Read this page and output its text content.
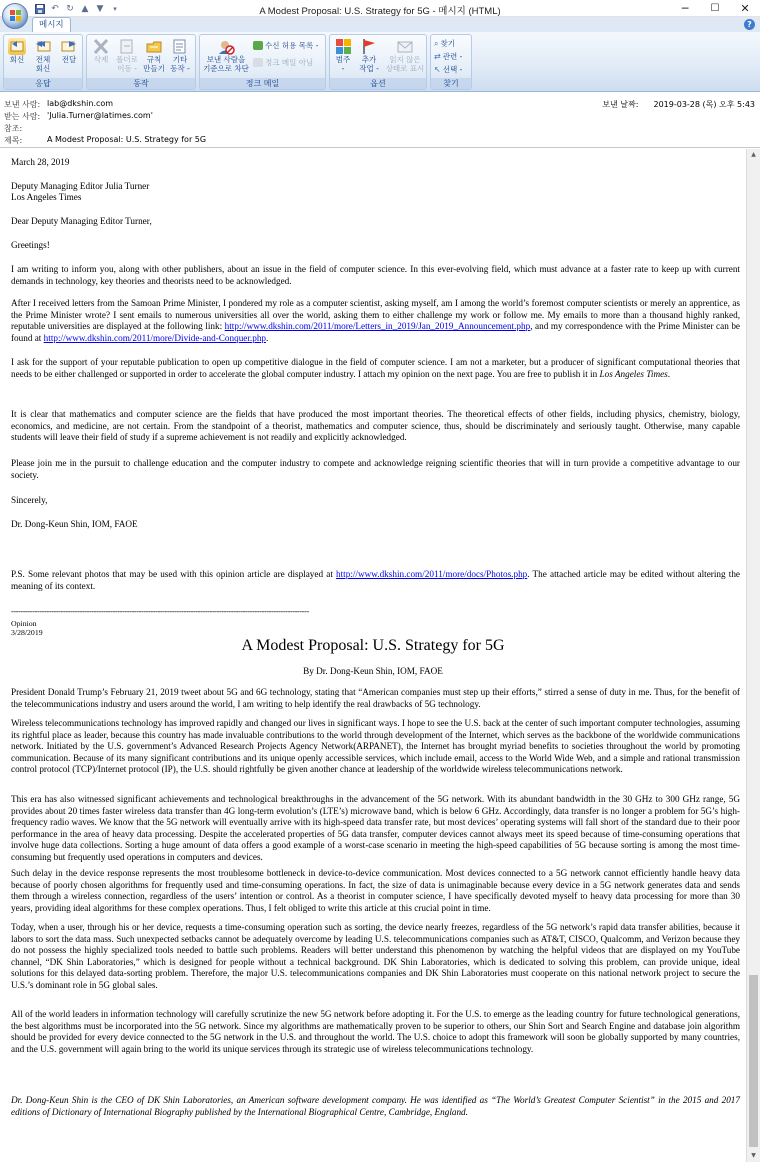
↶ ↻ ▲ ▼	▾	A Modest Proposal: U.S. Strategy for 5G - 메시지 (HTML)	─	☐	✕
메시지	?
회신	전체
회신
전달
응답
삭제	폴더로
이동 -
규칙
만들기
기타
동작 -
동작
보낸 사람을
기준으로 차단
수신 허용 목록 -
정크 메일 아님
정크 메일
범주
-
추가
작업 -
읽지 않은
상태로 표시
옵션
⌕ 찾기
⇄ 관련 -
↖ 선택 -
찾기
보낸 사람: lab@dkshin.com
받는 사람: 'Julia.Turner@latimes.com'
참조:
제목:	A Modest Proposal: U.S. Strategy for 5G
보낸 날짜: 2019-03-28 (목) 오후 5:43

March 28, 2019

Deputy Managing Editor Julia Turner

Los Angeles Times

Dear Deputy Managing Editor Turner,

Greetings!

I am writing to inform you, along with other publishers, about an issue in the field of computer science. In this ever-evolving field, which must advance at a faster rate to keep up with current demands in technology, key theories and theorists need to be acknowledged.

After I received letters from the Samoan Prime Minister, I pondered my role as a computer scientist, asking myself, am I among the world’s foremost computer scientists or merely an apprentice, as the Prime Minister wrote? I sent emails to numerous universities all over the world, asking them to either challenge my work or follow me. My emails to more than a thousand highly ranked, reputable universities are displayed at the following link: http://www.dkshin.com/2011/more/Letters_in_2019/Jan_2019_Announcement.php, and my correspondence with the Prime Minister can be found at http://www.dkshin.com/2011/more/Divide-and-Conquer.php.

I ask for the support of your reputable publication to open up competitive dialogue in the field of computer science. I am not a marketer, but a producer of significant computational theories that needs to be either challenged or supported in order to accelerate the global computer industry. I attach my opinion on the next page. You are free to publish it in Los Angeles Times.

It is clear that mathematics and computer science are the fields that have produced the most important theories. The theoretical effects of other fields, including physics, chemistry, biology, economics, and medicine, are not certain. From the standpoint of a theorist, mathematics and computer science, thus, should be discriminately and seriously taught. Otherwise, many capable students will leave their field of study if a supreme achievement is not readily and explicitly acknowledged.

Please join me in the pursuit to challenge education and the computer industry to compete and acknowledge reigning scientific theories that will in turn provide a competitive advantage to our society.

Sincerely,

Dr. Dong-Keun Shin, IOM, FAOE

P.S. Some relevant photos that may be used with this opinion article are displayed at http://www.dkshin.com/2011/more/docs/Photos.php. The attached article may be edited without altering the meaning of its context.

------------------------------------------------------------------------------------------------------------------------------

Opinion

3/28/2019

A Modest Proposal: U.S. Strategy for 5G
By Dr. Dong-Keun Shin, IOM, FAOE

President Donald Trump’s February 21, 2019 tweet about 5G and 6G technology, stating that “American companies must step up their efforts,” stirred a sense of duty in me. Thus, for the benefit of the telecommunications industry and users around the world, I am writing to help identify the real drawbacks of 5G technology.

Wireless telecommunications technology has improved rapidly and changed our lives in significant ways. I hope to see the U.S. back at the center of such important computer technologies, assuming its rightful place as leader, because this country has made invaluable contributions to the world through development of the Internet, which serves as the backbone of the worldwide communications network. Initiated by the U.S. government’s Advanced Research Projects Agency Network(ARPANET), the Internet has brought myriad benefits to societies throughout the world by promoting communication. Because of its many significant contributions and its unique openly accessible services, which include email, access to the World Wide Web, and a simple and rational transmission control protocol (TCP)/Internet protocol (IP), the U.S. should rightfully be given another chance at leadership of the worldwide wireless telecommunications network.

This era has also witnessed significant achievements and technological breakthroughs in the advancement of the 5G network. With its abundant bandwidth in the 30 GHz to 300 GHz range, 5G provides about 20 times faster wireless data transfer than 4G long-term evolution’s (LTE’s) microwave band, which is below 6 GHz. Accordingly, data transfer is no longer a problem for 5G’s high-frequency radio waves. We know that the 5G network will eventually arrive with its high-speed data transfer rate, but most devices’ operating systems will fall short of the standard due to their poor performance in the area of heavy data processing. Despite the accelerated properties of 5G data transfer, computer devices cannot always meet its speed because of time-consuming operations that involve huge data collections. Sorting a huge amount of data offers a good example of a worst-case scenario in meeting the high-speed capabilities of 5G because sorting is among the most time-consuming but frequently used operations in computers and devices.

Such delay in the device response represents the most troublesome bottleneck in device-to-device communication. Most devices connected to a 5G network cannot efficiently handle heavy data because of poorly chosen algorithms for frequently used and time-consuming operations. In fact, the size of data is unimaginable because every device in a 5G network generates data and sends them through a wireless connection, regardless of the users’ intention or control. As a theorist in computer science, I have specifically devoted myself to heavy data processing for more than 30 years, providing ideal algorithms for these complex operations. Thus, I felt obliged to write this article at this crucial point in time.

Today, when a user, through his or her device, requests a time-consuming operation such as sorting, the device nearly freezes, regardless of the 5G network’s rapid data transfer abilities, because it labors to sort the data mass. Such unexpected setbacks cannot be adequately overcome by leading U.S. telecommunications companies such as AT&T, CISCO, Qualcomm, and Verizon because they do not possess the highly specialized tools needed to battle such problems. Readers will better understand this phenomenon by watching the helpful videos that are displayed on my YouTube channel, “DK Shin Laboratories,” which is designed for people without a technical background. DK Shin Laboratories, which is dedicated to solving this problem, can provide unique, ideal solutions for this delayed data-sorting problem. Therefore, the major U.S. telecommunications companies and DK Shin Laboratories must cooperate on this national network project to secure the U.S.’s dominant role in 5G global sales.

All of the world leaders in information technology will carefully scrutinize the new 5G network before adopting it. For the U.S. to emerge as the leading country for future technological generations, the best algorithms must be incorporated into the 5G network. Since my algorithms are mathematically proven to be superior to others, our Shin Sort and Search Engine and database join algorithm should be provided for every device connected to the 5G network in the U.S. and throughout the world. The U.S. choice to adopt this framework will soon be globally supported by many countries, and the U.S. government will again bring to the world its unique services through its strategic use of wireless telecommunications technology.

Dr. Dong-Keun Shin is the CEO of DK Shin Laboratories, an American software development company. He was identified as “The World’s Greatest Computer Scientist” in the 2015 and 2017 editions of Dictionary of International Biography published by the International Biographical Centre, Cambridge, England.

▲
▼
